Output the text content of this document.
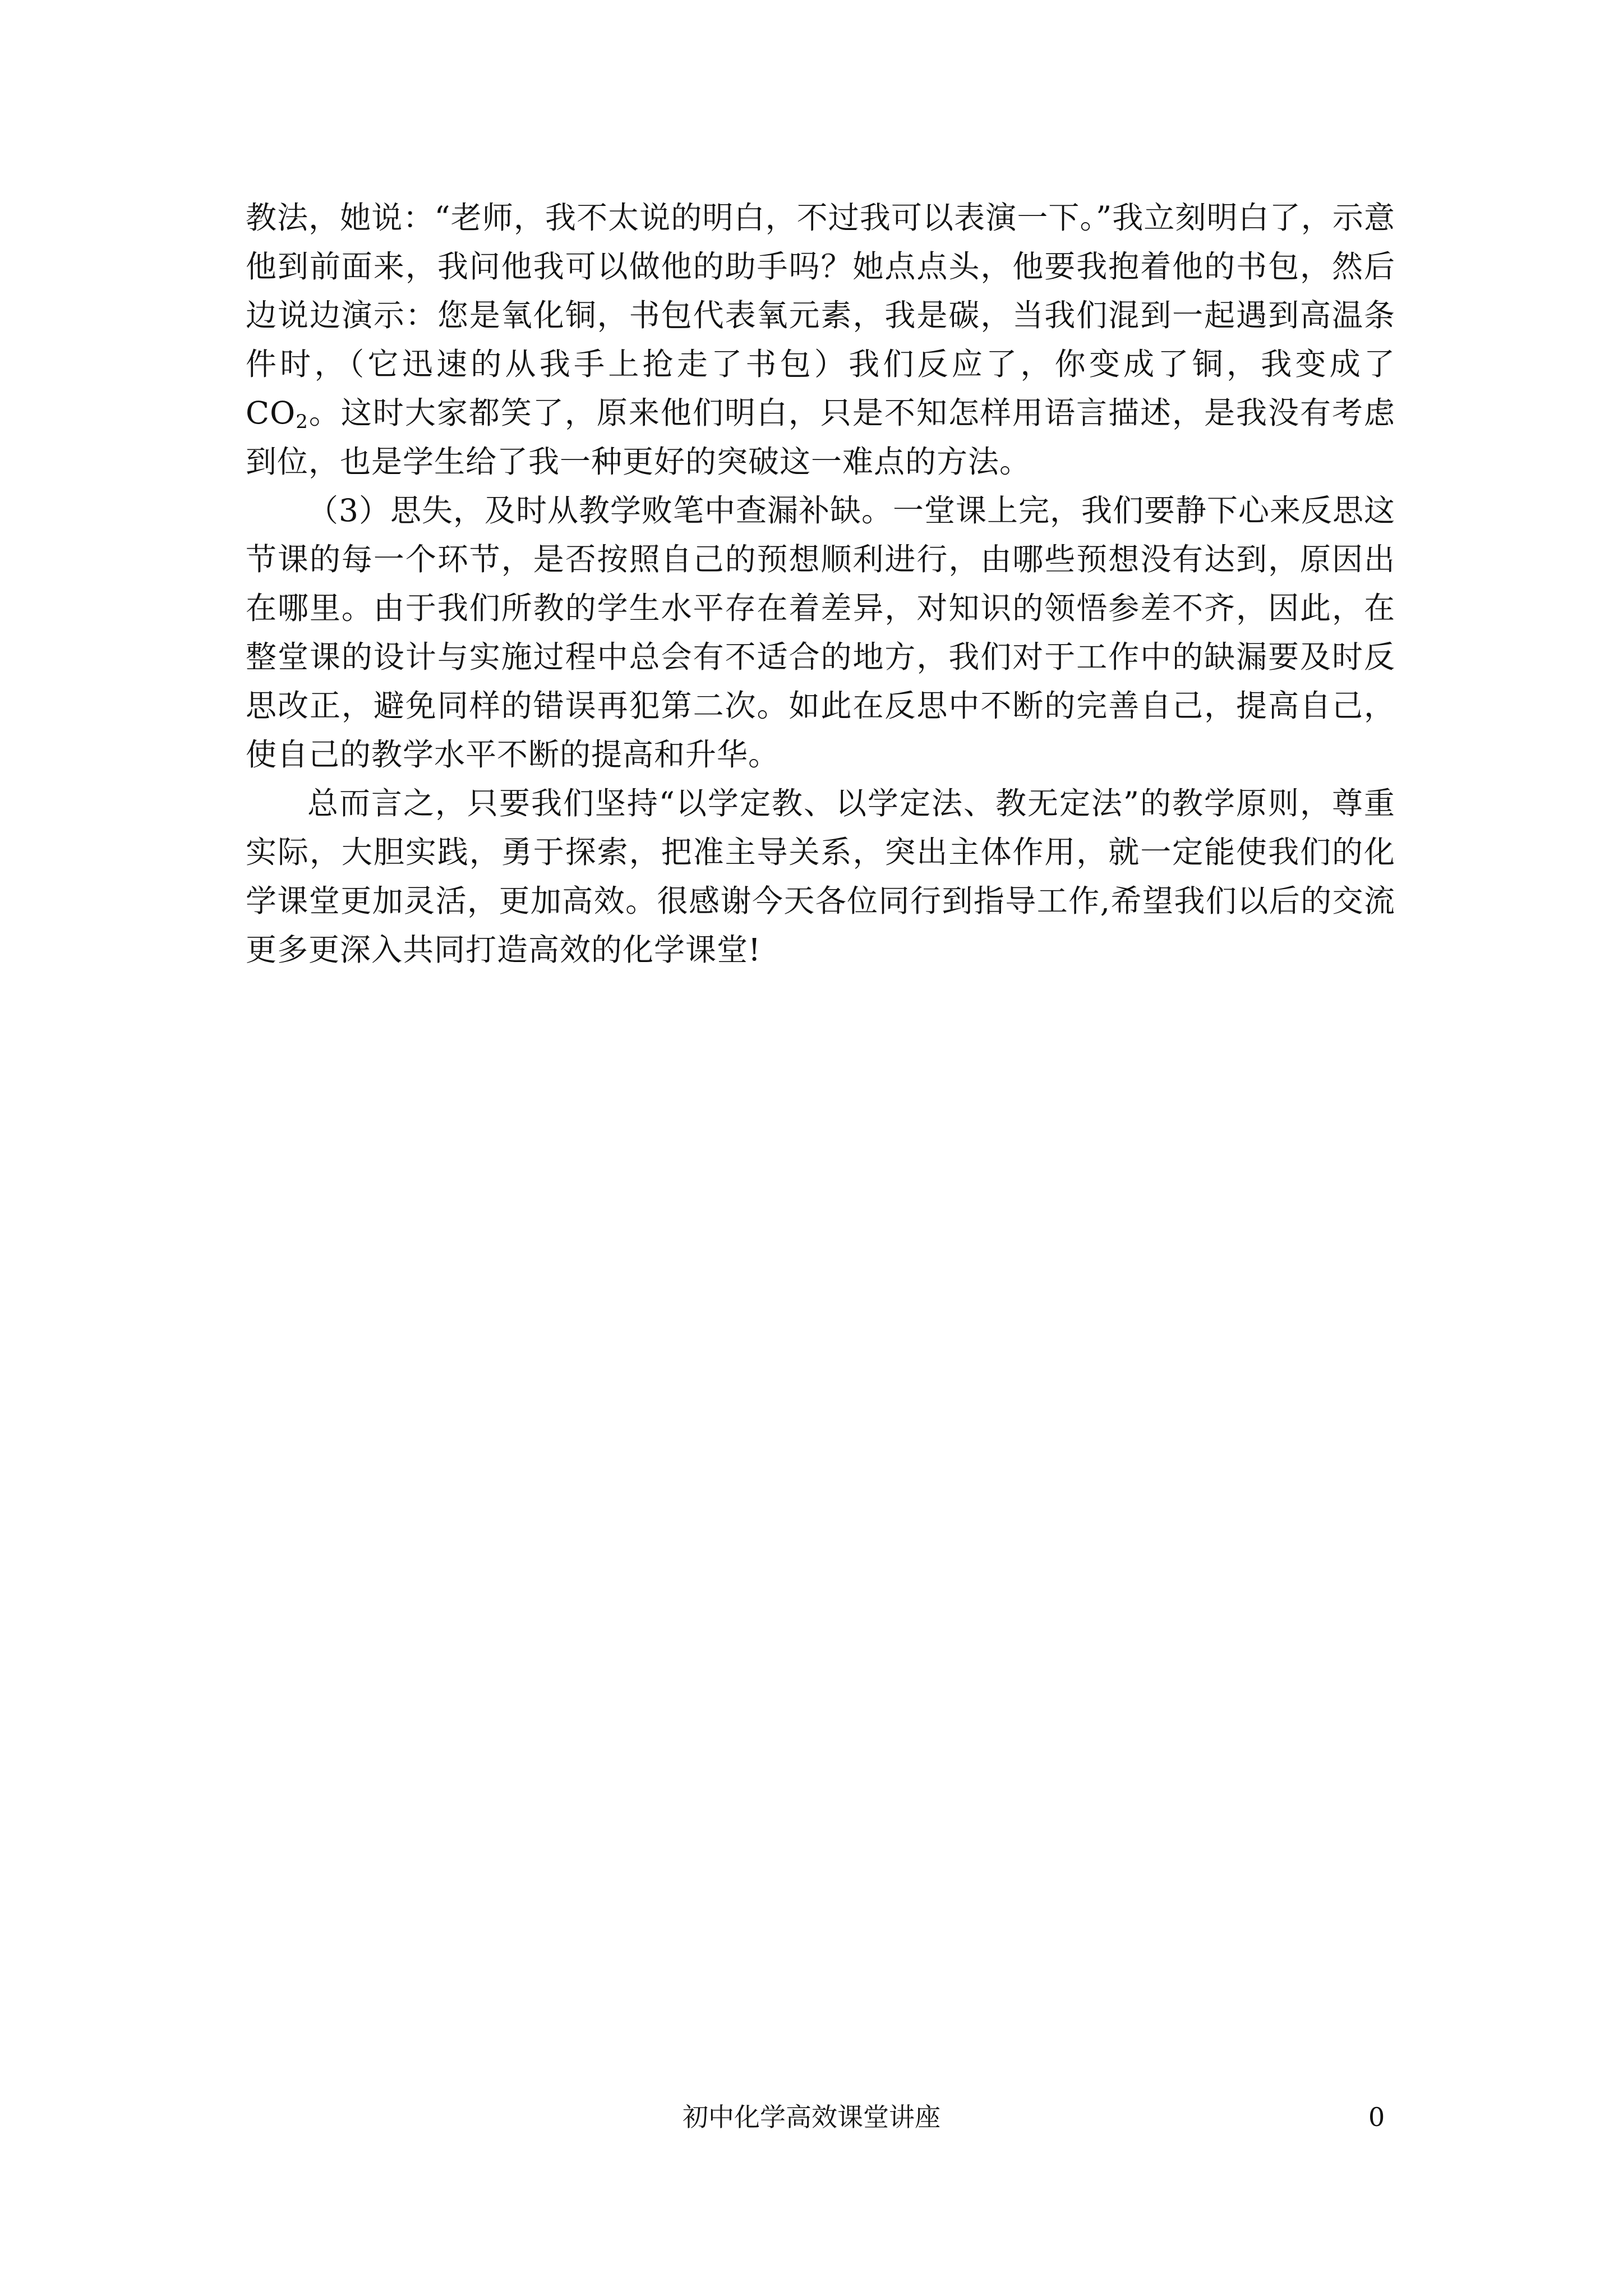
教法，她说：“老师，我不太说的明白，不过我可以表演一下。”我立刻明白了，示意他到前面来，我问他我可以做他的助手吗？她点点头，他要我抱着他的书包，然后边说边演示：您是氧化铜，书包代表氧元素，我是碳，当我们混到一起遇到高温条件时，（它迅速的从我手上抢走了书包）我们反应了，你变成了铜，我变成了 $CO_2$。这时大家都笑了，原来他们明白，只是不知怎样用语言描述，是我没有考虑到位，也是学生给了我一种更好的突破这一难点的方法。

（3）思失，及时从教学败笔中查漏补缺。一堂课上完，我们要静下心来反思这节课的每一个环节，是否按照自己的预想顺利进行，由哪些预想没有达到，原因出在哪里。由于我们所教的学生水平存在着差异，对知识的领悟参差不齐，因此，在整堂课的设计与实施过程中总会有不适合的地方，我们对于工作中的缺漏要及时反思改正，避免同样的错误再犯第二次。如此在反思中不断的完善自己，提高自己，使自己的教学水平不断的提高和升华。

总而言之，只要我们坚持“以学定教、以学定法、教无定法”的教学原则，尊重实际，大胆实践，勇于探索，把准主导关系，突出主体作用，就一定能使我们的化学课堂更加灵活，更加高效。很感谢今天各位同行到指导工作,希望我们以后的交流更多更深入共同打造高效的化学课堂!

初中化学高效课堂讲座	0
